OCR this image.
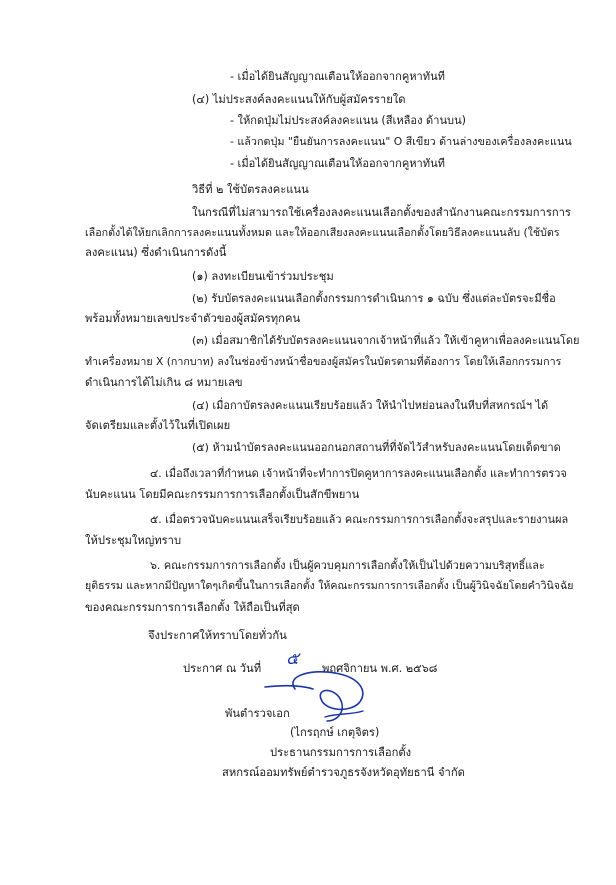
- เมื่อได้ยินสัญญาณเตือนให้ออกจากคูหาทันที
(๔) ไม่ประสงค์ลงคะแนนให้กับผู้สมัครรายใด
- ให้กดปุ่มไม่ประสงค์ลงคะแนน (สีเหลือง ด้านบน)
- แล้วกดปุ่ม "ยืนยันการลงคะแนน" O สีเขียว ด้านล่างของเครื่องลงคะแนน
- เมื่อได้ยินสัญญาณเตือนให้ออกจากคูหาทันที
วิธีที่ ๒ ใช้บัตรลงคะแนน
ในกรณีที่ไม่สามารถใช้เครื่องลงคะแนนเลือกตั้งของสำนักงานคณะกรรมการการ
เลือกตั้งได้ให้ยกเลิกการลงคะแนนทั้งหมด และให้ออกเสียงลงคะแนนเลือกตั้งโดยวิธีลงคะแนนลับ (ใช้บัตร
ลงคะแนน) ซึ่งดำเนินการดังนี้
(๑) ลงทะเบียนเข้าร่วมประชุม
(๒) รับบัตรลงคะแนนเลือกตั้งกรรมการดำเนินการ ๑ ฉบับ ซึ่งแต่ละบัตรจะมีชื่อ
พร้อมทั้งหมายเลขประจำตัวของผู้สมัครทุกคน
(๓) เมื่อสมาชิกได้รับบัตรลงคะแนนจากเจ้าหน้าที่แล้ว ให้เข้าคูหาเพื่อลงคะแนนโดย
ทำเครื่องหมาย X (กากบาท) ลงในช่องข้างหน้าชื่อของผู้สมัครในบัตรตามที่ต้องการ โดยให้เลือกกรรมการ
ดำเนินการได้ไม่เกิน ๘ หมายเลข
(๔) เมื่อกาบัตรลงคะแนนเรียบร้อยแล้ว ให้นำไปหย่อนลงในหีบที่สหกรณ์ฯ ได้
จัดเตรียมและตั้งไว้ในที่เปิดเผย
(๕) ห้ามนำบัตรลงคะแนนออกนอกสถานที่ที่จัดไว้สำหรับลงคะแนนโดยเด็ดขาด
๔. เมื่อถึงเวลาที่กำหนด เจ้าหน้าที่จะทำการปิดคูหาการลงคะแนนเลือกตั้ง และทำการตรวจ
นับคะแนน โดยมีคณะกรรมการการเลือกตั้งเป็นสักขีพยาน
๕. เมื่อตรวจนับคะแนนเสร็จเรียบร้อยแล้ว คณะกรรมการการเลือกตั้งจะสรุปและรายงานผล
ให้ประชุมใหญ่ทราบ
๖. คณะกรรมการการเลือกตั้ง เป็นผู้ควบคุมการเลือกตั้งให้เป็นไปด้วยความบริสุทธิ์และ
ยุติธรรม และหากมีปัญหาใดๆเกิดขึ้นในการเลือกตั้ง ให้คณะกรรมการการเลือกตั้ง เป็นผู้วินิจฉัยโดยคำวินิจฉัย
ของคณะกรรมการการเลือกตั้ง ให้ถือเป็นที่สุด
จึงประกาศให้ทราบโดยทั่วกัน
ประกาศ ณ วันที่ ๕ พฤศจิกายน พ.ศ. ๒๕๖๘
พันตำรวจเอก
(ไกรฤกษ์ เกตุจิตร)
ประธานกรรมการการเลือกตั้ง
สหกรณ์ออมทรัพย์ตำรวจภูธรจังหวัดอุทัยธานี จำกัด
